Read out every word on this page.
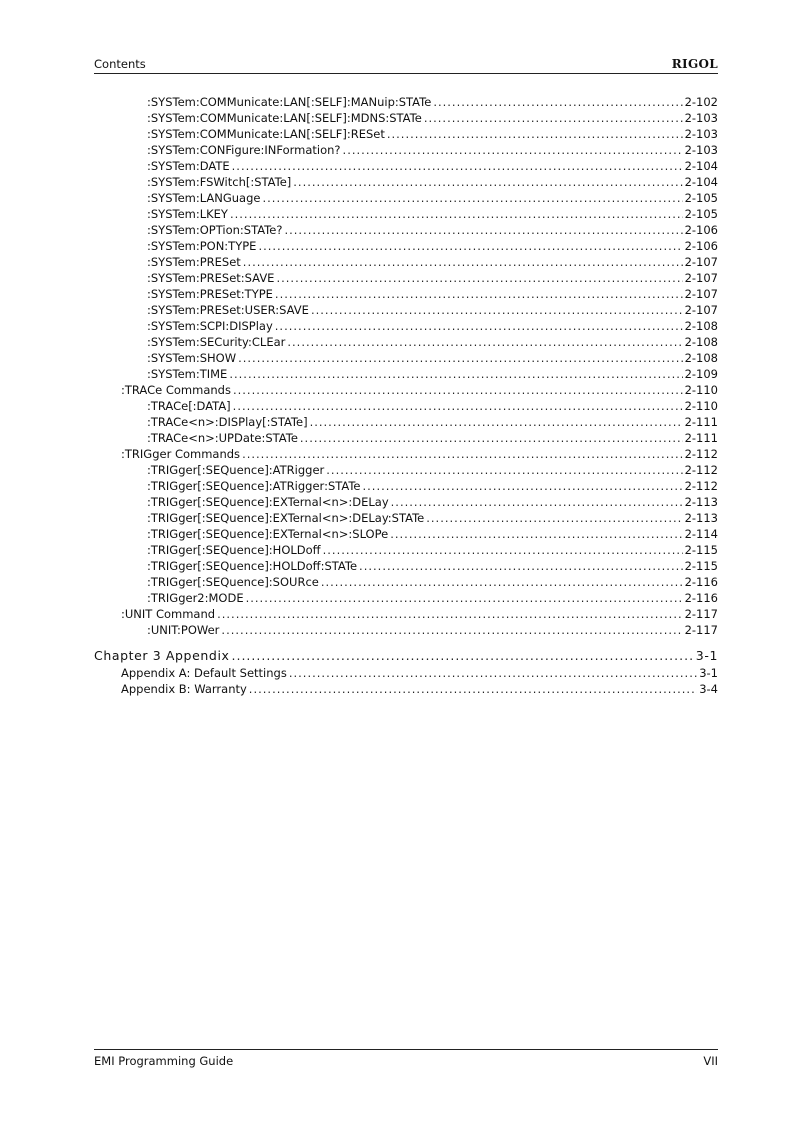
Contents	RIGOL
:SYSTem:COMMunicate:LAN[:SELF]:MANuip:STATe .....	2-102
:SYSTem:COMMunicate:LAN[:SELF]:MDNS:STATe .....	2-103
:SYSTem:COMMunicate:LAN[:SELF]:RESet .....	2-103
:SYSTem:CONFigure:INFormation? .....	2-103
:SYSTem:DATE .....	2-104
:SYSTem:FSWitch[:STATe] .....	2-104
:SYSTem:LANGuage .....	2-105
:SYSTem:LKEY .....	2-105
:SYSTem:OPTion:STATe? .....	2-106
:SYSTem:PON:TYPE .....	2-106
:SYSTem:PRESet .....	2-107
:SYSTem:PRESet:SAVE .....	2-107
:SYSTem:PRESet:TYPE .....	2-107
:SYSTem:PRESet:USER:SAVE .....	2-107
:SYSTem:SCPI:DISPlay .....	2-108
:SYSTem:SECurity:CLEar .....	2-108
:SYSTem:SHOW .....	2-108
:SYSTem:TIME .....	2-109
:TRACe Commands .....	2-110
:TRACe[:DATA] .....	2-110
:TRACe<n>:DISPlay[:STATe] .....	2-111
:TRACe<n>:UPDate:STATe .....	2-111
:TRIGger Commands .....	2-112
:TRIGger[:SEQuence]:ATRigger .....	2-112
:TRIGger[:SEQuence]:ATRigger:STATe .....	2-112
:TRIGger[:SEQuence]:EXTernal<n>:DELay .....	2-113
:TRIGger[:SEQuence]:EXTernal<n>:DELay:STATe .....	2-113
:TRIGger[:SEQuence]:EXTernal<n>:SLOPe .....	2-114
:TRIGger[:SEQuence]:HOLDoff .....	2-115
:TRIGger[:SEQuence]:HOLDoff:STATe .....	2-115
:TRIGger[:SEQuence]:SOURce .....	2-116
:TRIGger2:MODE .....	2-116
:UNIT Command .....	2-117
:UNIT:POWer .....	2-117
Chapter 3 Appendix .....	3-1
Appendix A: Default Settings .....	3-1
Appendix B: Warranty .....	3-4
EMI Programming Guide	VII
